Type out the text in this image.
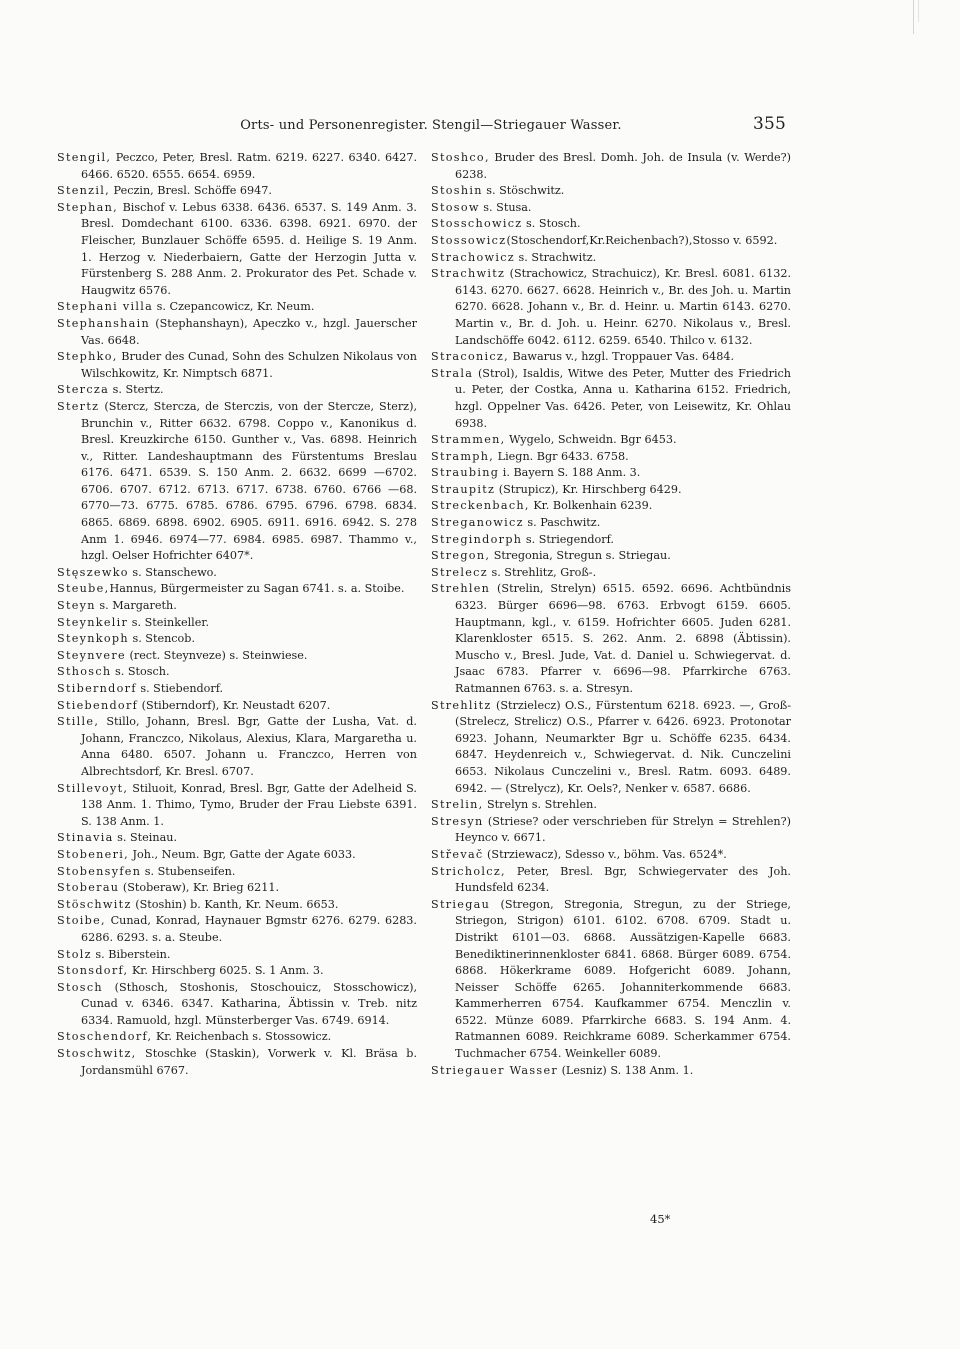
Orts- und Personenregister. Stengil—Striegauer Wasser.	355

Stengil, Peczco, Peter, Bresl. Ratm. 6219. 6227. 6340. 6427. 6466. 6520. 6555. 6654. 6959.

Stenzil, Peczin, Bresl. Schöffe 6947.

Stephan, Bischof v. Lebus 6338. 6436. 6537. S. 149 Anm. 3. Bresl. Domdechant 6100. 6336. 6398. 6921. 6970. der Fleischer, Bunzlauer Schöffe 6595. d. Heilige S. 19 Anm. 1. Herzog v. Niederbaiern, Gatte der Herzogin Jutta v. Fürstenberg S. 288 Anm. 2. Prokurator des Pet. Schade v. Haugwitz 6576.

Stephani villa s. Czepancowicz, Kr. Neum.

Stephanshain (Stephanshayn), Apeczko v., hzgl. Jauerscher Vas. 6648.

Stephko, Bruder des Cunad, Sohn des Schulzen Nikolaus von Wilschkowitz, Kr. Nimptsch 6871.

Stercza s. Stertz.

Stertz (Stercz, Stercza, de Sterczis, von der Stercze, Sterz), Brunchin v., Ritter 6632. 6798. Coppo v., Kanonikus d. Bresl. Kreuzkirche 6150. Gunther v., Vas. 6898. Heinrich v., Ritter. Landeshauptmann des Fürstentums Breslau 6176. 6471. 6539. S. 150 Anm. 2. 6632. 6699 —6702. 6706. 6707. 6712. 6713. 6717. 6738. 6760. 6766 —68. 6770—73. 6775. 6785. 6786. 6795. 6796. 6798. 6834. 6865. 6869. 6898. 6902. 6905. 6911. 6916. 6942. S. 278 Anm 1. 6946. 6974—77. 6984. 6985. 6987. Thammo v., hzgl. Oelser Hofrichter 6407*.

Stęszewko s. Stanschewo.

Steube,Hannus, Bürgermeister zu Sagan 6741. s. a. Stoibe.

Steyn s. Margareth.

Steynkelir s. Steinkeller.

Steynkoph s. Stencob.

Steynvere (rect. Steynveze) s. Steinwiese.

Sthosch s. Stosch.

Stiberndorf s. Stiebendorf.

Stiebendorf (Stiberndorf), Kr. Neustadt 6207.

Stille, Stillo, Johann, Bresl. Bgr, Gatte der Lusha, Vat. d. Johann, Franczco, Nikolaus, Alexius, Klara, Margaretha u. Anna 6480. 6507. Johann u. Franczco, Herren von Albrechtsdorf, Kr. Bresl. 6707.

Stillevoyt, Stiluoit, Konrad, Bresl. Bgr, Gatte der Adelheid S. 138 Anm. 1. Thimo, Tymo, Bruder der Frau Liebste 6391. S. 138 Anm. 1.

Stinavia s. Steinau.

Stobeneri, Joh., Neum. Bgr, Gatte der Agate 6033.

Stobensyfen s. Stubenseifen.

Stoberau (Stoberaw), Kr. Brieg 6211.

Stöschwitz (Stoshin) b. Kanth, Kr. Neum. 6653.

Stoibe, Cunad, Konrad, Haynauer Bgmstr 6276. 6279. 6283. 6286. 6293. s. a. Steube.

Stolz s. Biberstein.

Stonsdorf, Kr. Hirschberg 6025. S. 1 Anm. 3.

Stosch (Sthosch, Stoshonis, Stoschouicz, Stosschowicz), Cunad v. 6346. 6347. Katharina, Äbtissin v. Treb. nitz 6334. Ramuold, hzgl. Münsterberger Vas. 6749. 6914.

Stoschendorf, Kr. Reichenbach s. Stossowicz.

Stoschwitz, Stoschke (Staskin), Vorwerk v. Kl. Bräsa b. Jordansmühl 6767.

Stoshco, Bruder des Bresl. Domh. Joh. de Insula (v. Werde?) 6238.

Stoshin s. Stöschwitz.

Stosow s. Stusa.

Stosschowicz s. Stosch.

Stossowicz(Stoschendorf,Kr.Reichenbach?),Stosso v. 6592.

Strachowicz s. Strachwitz.

Strachwitz (Strachowicz, Strachuicz), Kr. Bresl. 6081. 6132. 6143. 6270. 6627. 6628. Heinrich v., Br. des Joh. u. Martin 6270. 6628. Johann v., Br. d. Heinr. u. Martin 6143. 6270. Martin v., Br. d. Joh. u. Heinr. 6270. Nikolaus v., Bresl. Landschöffe 6042. 6112. 6259. 6540. Thilco v. 6132.

Straconicz, Bawarus v., hzgl. Troppauer Vas. 6484.

Strala (Strol), Isaldis, Witwe des Peter, Mutter des Friedrich u. Peter, der Costka, Anna u. Katharina 6152. Friedrich, hzgl. Oppelner Vas. 6426. Peter, von Leisewitz, Kr. Ohlau 6938.

Strammen, Wygelo, Schweidn. Bgr 6453.

Stramph, Liegn. Bgr 6433. 6758.

Straubing i. Bayern S. 188 Anm. 3.

Straupitz (Strupicz), Kr. Hirschberg 6429.

Streckenbach, Kr. Bolkenhain 6239.

Streganowicz s. Paschwitz.

Stregindorph s. Striegendorf.

Stregon, Stregonia, Stregun s. Striegau.

Strelecz s. Strehlitz, Groß-.

Strehlen (Strelin, Strelyn) 6515. 6592. 6696. Achtbündnis 6323. Bürger 6696—98. 6763. Erbvogt 6159. 6605. Hauptmann, kgl., v. 6159. Hofrichter 6605. Juden 6281. Klarenkloster 6515. S. 262. Anm. 2. 6898 (Äbtissin). Muscho v., Bresl. Jude, Vat. d. Daniel u. Schwiegervat. d. Jsaac 6783. Pfarrer v. 6696—98. Pfarrkirche 6763. Ratmannen 6763. s. a. Stresyn.

Strehlitz (Strzielecz) O.S., Fürstentum 6218. 6923. —, Groß- (Strelecz, Strelicz) O.S., Pfarrer v. 6426. 6923. Protonotar 6923. Johann, Neumarkter Bgr u. Schöffe 6235. 6434. 6847. Heydenreich v., Schwiegervat. d. Nik. Cunczelini 6653. Nikolaus Cunczelini v., Bresl. Ratm. 6093. 6489. 6942. — (Strelycz), Kr. Oels?, Nenker v. 6587. 6686.

Strelin, Strelyn s. Strehlen.

Stresyn (Striese? oder verschrieben für Strelyn = Strehlen?) Heynco v. 6671.

Střevač (Strziewacz), Sdesso v., böhm. Vas. 6524*.

Stricholcz, Peter, Bresl. Bgr, Schwiegervater des Joh. Hundsfeld 6234.

Striegau (Stregon, Stregonia, Stregun, zu der Striege, Striegon, Strigon) 6101. 6102. 6708. 6709. Stadt u. Distrikt 6101—03. 6868. Aussätzigen-Kapelle 6683. Benediktinerinnenkloster 6841. 6868. Bürger 6089. 6754. 6868. Hökerkrame 6089. Hofgericht 6089. Johann, Neisser Schöffe 6265. Johanniterkommende 6683. Kammerherren 6754. Kaufkammer 6754. Menczlin v. 6522. Münze 6089. Pfarrkirche 6683. S. 194 Anm. 4. Ratmannen 6089. Reichkrame 6089. Scherkammer 6754. Tuchmacher 6754. Weinkeller 6089.

Striegauer Wasser (Lesniz) S. 138 Anm. 1.

45*
